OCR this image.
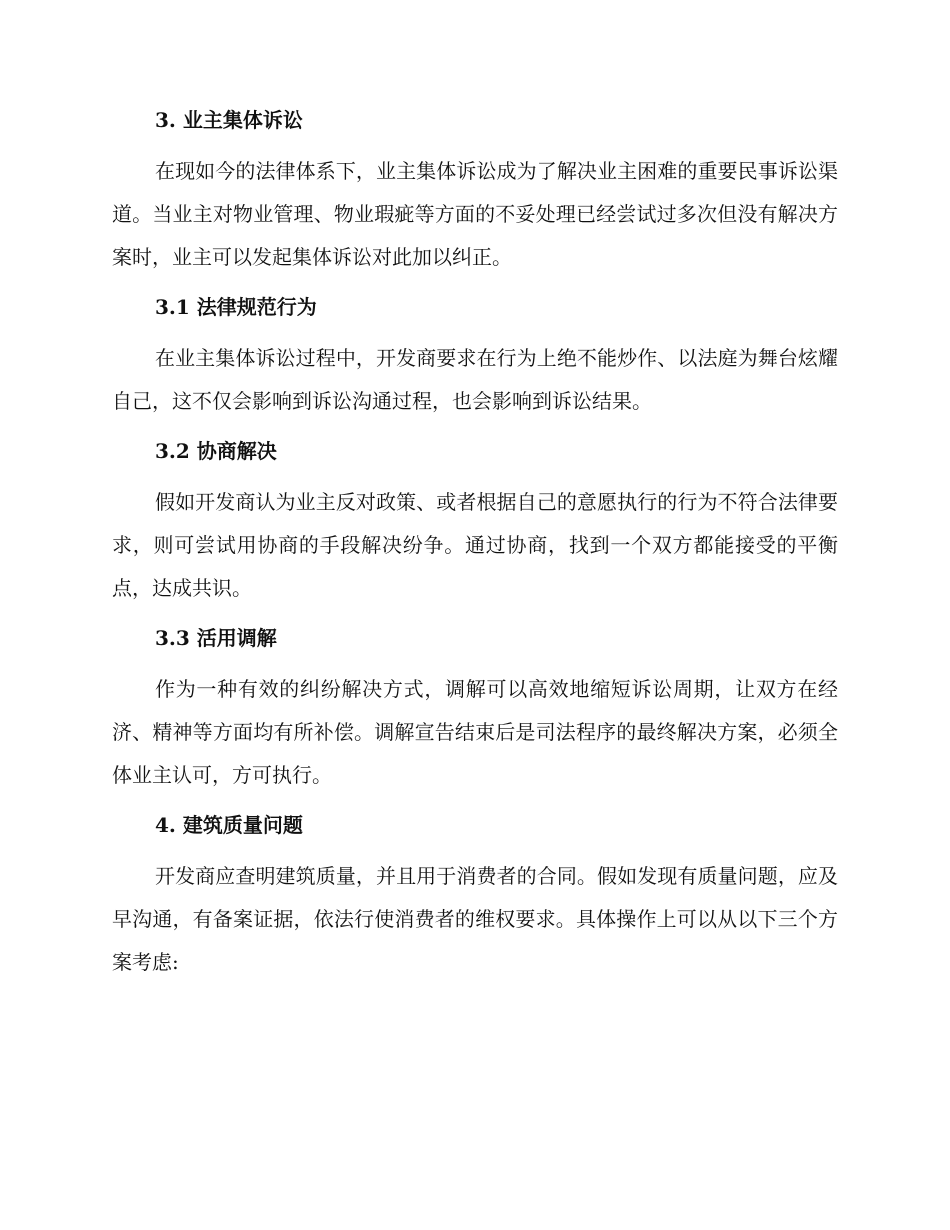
3. 业主集体诉讼

在现如今的法律体系下，业主集体诉讼成为了解决业主困难的重要民事诉讼渠道。当业主对物业管理、物业瑕疵等方面的不妥处理已经尝试过多次但没有解决方案时，业主可以发起集体诉讼对此加以纠正。

3.1 法律规范行为

在业主集体诉讼过程中，开发商要求在行为上绝不能炒作、以法庭为舞台炫耀自己，这不仅会影响到诉讼沟通过程，也会影响到诉讼结果。

3.2 协商解决

假如开发商认为业主反对政策、或者根据自己的意愿执行的行为不符合法律要求，则可尝试用协商的手段解决纷争。通过协商，找到一个双方都能接受的平衡点，达成共识。

3.3 活用调解

作为一种有效的纠纷解决方式，调解可以高效地缩短诉讼周期，让双方在经济、精神等方面均有所补偿。调解宣告结束后是司法程序的最终解决方案，必须全体业主认可，方可执行。

4. 建筑质量问题

开发商应查明建筑质量，并且用于消费者的合同。假如发现有质量问题，应及早沟通，有备案证据，依法行使消费者的维权要求。具体操作上可以从以下三个方案考虑:
